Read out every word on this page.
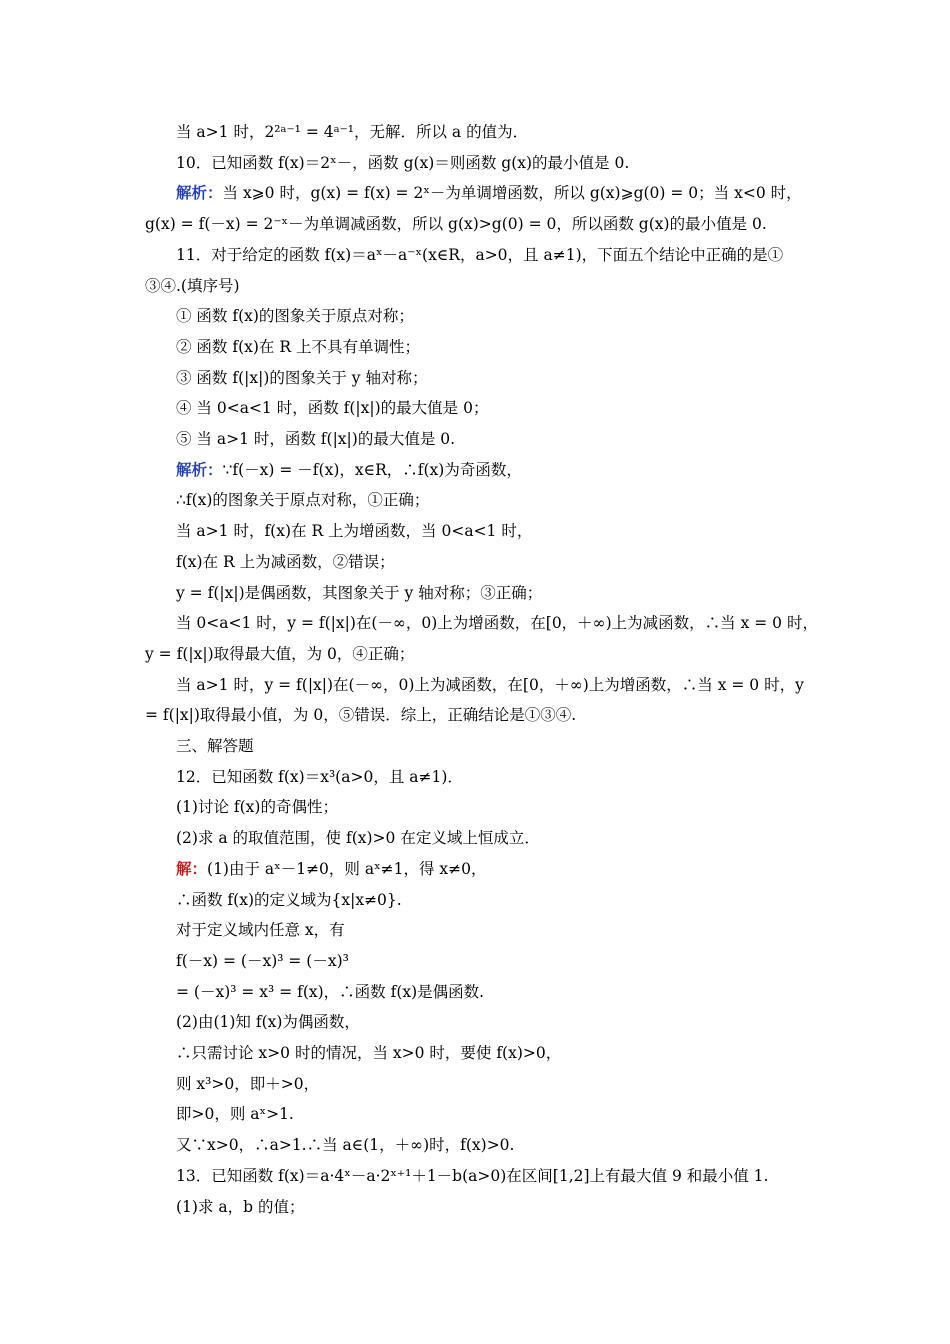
当 a>1 时，2²ᵃ⁻¹ = 4ᵃ⁻¹，无解．所以 a 的值为．
10．已知函数 f(x)＝2ˣ－，函数 g(x)＝则函数 g(x)的最小值是 0.
解析：当 x⩾0 时，g(x) = f(x) = 2ˣ－为单调增函数，所以 g(x)⩾g(0) = 0；当 x<0 时，
g(x) = f(－x) = 2⁻ˣ－为单调减函数，所以 g(x)>g(0) = 0，所以函数 g(x)的最小值是 0.
11．对于给定的函数 f(x)＝aˣ－a⁻ˣ(x∈R，a>0，且 a≠1)，下面五个结论中正确的是①
③④.(填序号)
① 函数 f(x)的图象关于原点对称；
② 函数 f(x)在 R 上不具有单调性；
③ 函数 f(|x|)的图象关于 y 轴对称；
④ 当 0<a<1 时，函数 f(|x|)的最大值是 0；
⑤ 当 a>1 时，函数 f(|x|)的最大值是 0.
解析：∵f(－x) = －f(x)，x∈R，∴f(x)为奇函数，
∴f(x)的图象关于原点对称，①正确；
当 a>1 时，f(x)在 R 上为增函数，当 0<a<1 时，
f(x)在 R 上为减函数，②错误；
y = f(|x|)是偶函数，其图象关于 y 轴对称；③正确；
当 0<a<1 时，y = f(|x|)在(－∞，0)上为增函数，在[0，＋∞)上为减函数，∴当 x = 0 时，
y = f(|x|)取得最大值，为 0，④正确；
当 a>1 时，y = f(|x|)在(－∞，0)上为减函数，在[0，＋∞)上为增函数，∴当 x = 0 时，y
= f(|x|)取得最小值，为 0，⑤错误．综上，正确结论是①③④.
三、解答题
12．已知函数 f(x)＝x³(a>0，且 a≠1)．
(1)讨论 f(x)的奇偶性；
(2)求 a 的取值范围，使 f(x)>0 在定义域上恒成立．
解：(1)由于 aˣ－1≠0，则 aˣ≠1，得 x≠0，
∴函数 f(x)的定义域为{x|x≠0}.
对于定义域内任意 x，有
f(－x) = (－x)³ = (－x)³
= (－x)³ = x³ = f(x)，∴函数 f(x)是偶函数.
(2)由(1)知 f(x)为偶函数，
∴只需讨论 x>0 时的情况，当 x>0 时，要使 f(x)>0，
则 x³>0，即＋>0，
即>0，则 aˣ>1.
又∵x>0，∴a>1.∴当 a∈(1，＋∞)时，f(x)>0.
13．已知函数 f(x)＝a·4ˣ－a·2ˣ⁺¹＋1－b(a>0)在区间[1,2]上有最大值 9 和最小值 1.
(1)求 a，b 的值；
